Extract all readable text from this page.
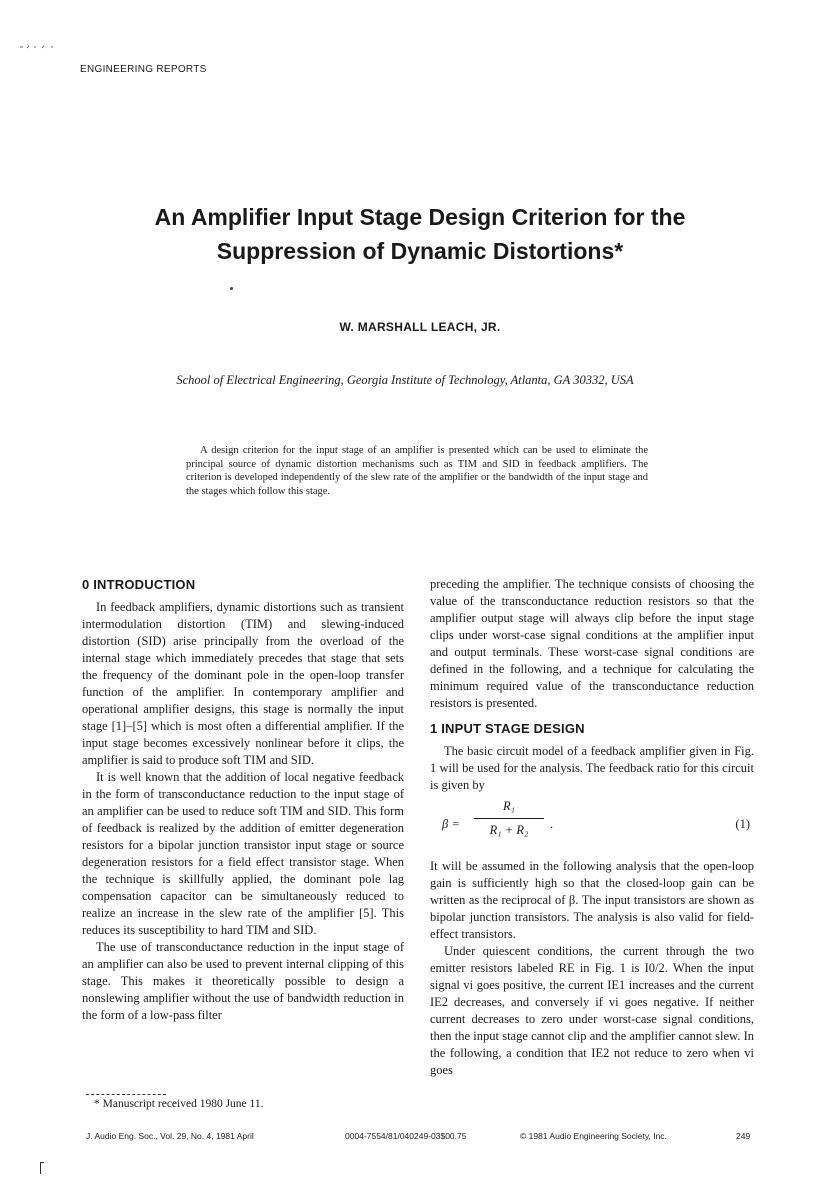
ENGINEERING REPORTS
An Amplifier Input Stage Design Criterion for the
Suppression of Dynamic Distortions*
W. MARSHALL LEACH, JR.
School of Electrical Engineering, Georgia Institute of Technology, Atlanta, GA 30332, USA

A design criterion for the input stage of an amplifier is presented which can be used to eliminate the principal source of dynamic distortion mechanisms such as TIM and SID in feedback amplifiers. The criterion is developed independently of the slew rate of the amplifier or the bandwidth of the input stage and the stages which follow this stage.

0 INTRODUCTION

In feedback amplifiers, dynamic distortions such as transient intermodulation distortion (TIM) and slewing-induced distortion (SID) arise principally from the overload of the internal stage which immediately precedes that stage that sets the frequency of the dominant pole in the open-loop transfer function of the amplifier. In contemporary amplifier and operational amplifier designs, this stage is normally the input stage [1]–[5] which is most often a differential amplifier. If the input stage becomes excessively nonlinear before it clips, the amplifier is said to produce soft TIM and SID.

It is well known that the addition of local negative feedback in the form of transconductance reduction to the input stage of an amplifier can be used to reduce soft TIM and SID. This form of feedback is realized by the addition of emitter degeneration resistors for a bipolar junction transistor input stage or source degeneration resistors for a field effect transistor stage. When the technique is skillfully applied, the dominant pole lag compensation capacitor can be simultaneously reduced to realize an increase in the slew rate of the amplifier [5]. This reduces its susceptibility to hard TIM and SID.

The use of transconductance reduction in the input stage of an amplifier can also be used to prevent internal clipping of this stage. This makes it theoretically possible to design a nonslewing amplifier without the use of bandwidth reduction in the form of a low-pass filter

preceding the amplifier. The technique consists of choosing the value of the transconductance reduction resistors so that the amplifier output stage will always clip before the input stage clips under worst-case signal conditions at the amplifier input and output terminals. These worst-case signal conditions are defined in the following, and a technique for calculating the minimum required value of the transconductance reduction resistors is presented.

1 INPUT STAGE DESIGN

The basic circuit model of a feedback amplifier given in Fig. 1 will be used for the analysis. The feedback ratio for this circuit is given by

β =
R₁
R₁ + R₂	.	(1)

It will be assumed in the following analysis that the open-loop gain is sufficiently high so that the closed-loop gain can be written as the reciprocal of β. The input transistors are shown as bipolar junction transistors. The analysis is also valid for field-effect transistors.

Under quiescent conditions, the current through the two emitter resistors labeled RE in Fig. 1 is I0/2. When the input signal vi goes positive, the current IE1 increases and the current IE2 decreases, and conversely if vi goes negative. If neither current decreases to zero under worst-case signal conditions, then the input stage cannot clip and the amplifier cannot slew. In the following, a condition that IE2 not reduce to zero when vi goes

* Manuscript received 1980 June 11.
J. Audio Eng. Soc., Vol. 29, No. 4, 1981 April	0004-7554/81/040249-03$00.75	© 1981 Audio Engineering Society, Inc.	249
